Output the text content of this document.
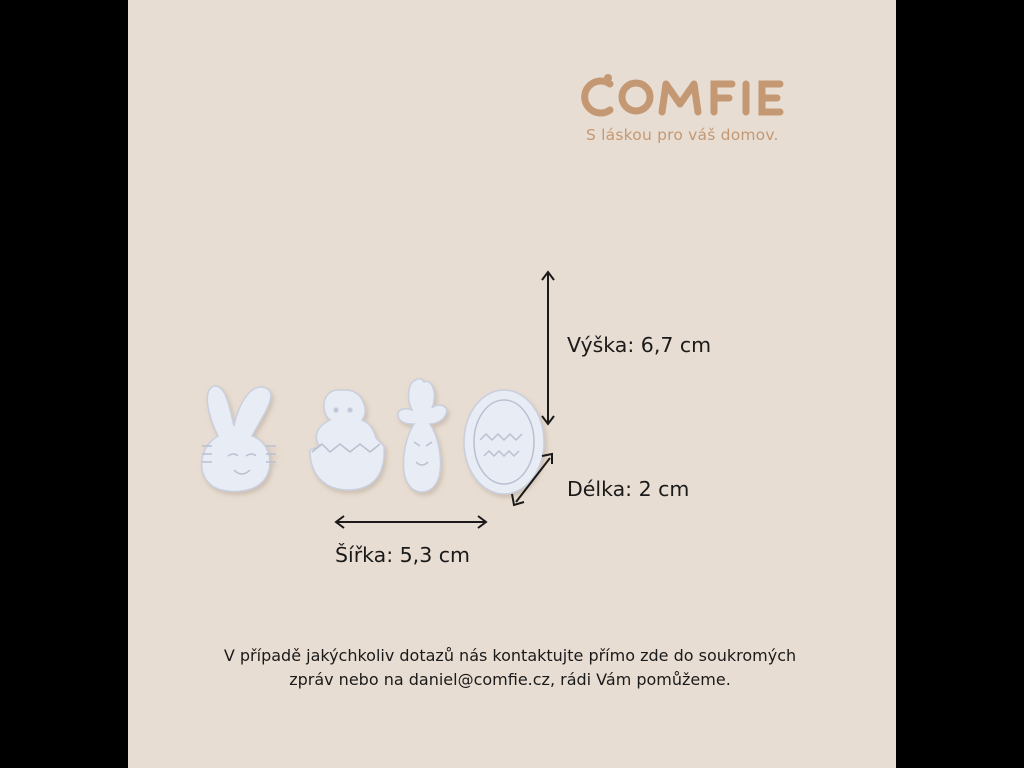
S láskou pro váš domov.
Výška: 6,7 cm
Délka: 2 cm
Šířka: 5,3 cm
V případě jakýchkoliv dotazů nás kontaktujte přímo zde do soukromých zpráv nebo na daniel@comfie.cz, rádi Vám pomůžeme.
